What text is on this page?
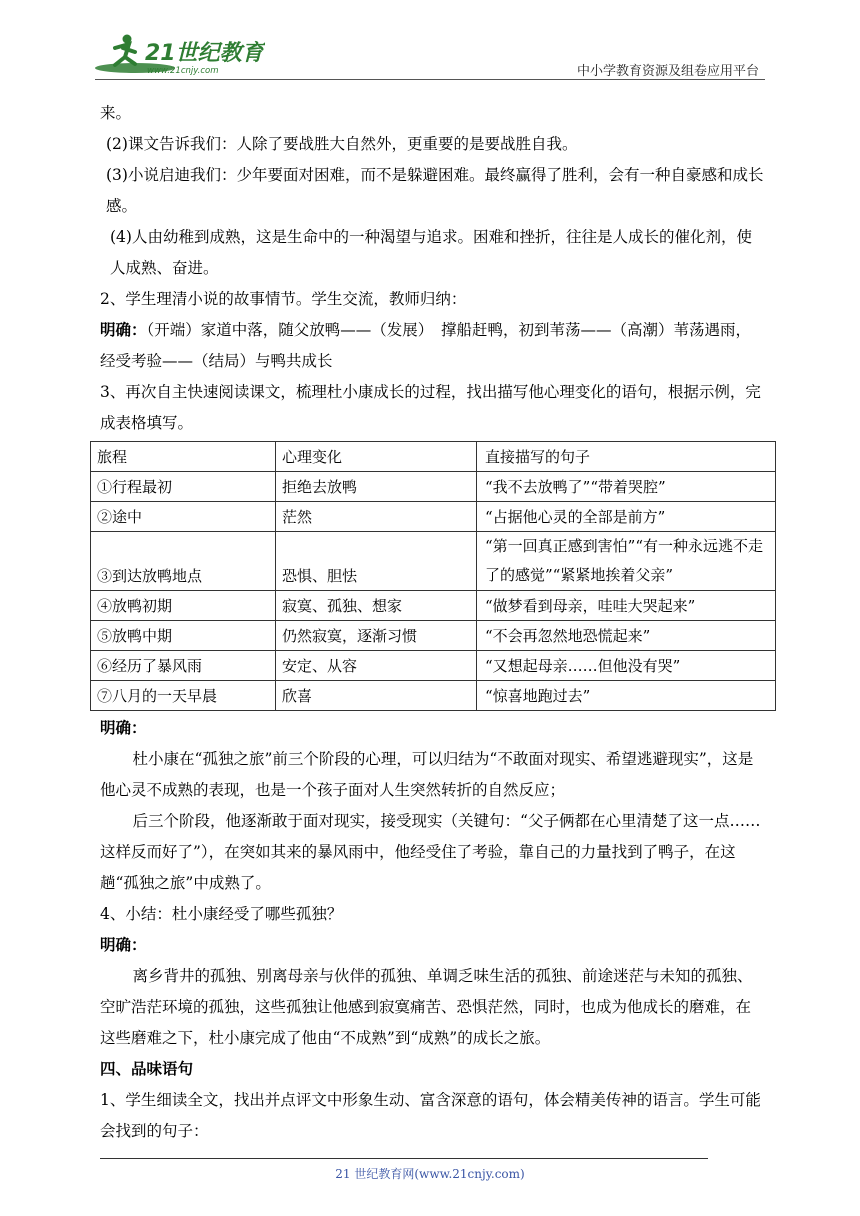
21世纪教育
www.21cnjy.com	中小学教育资源及组卷应用平台

来。

(2)课文告诉我们：人除了要战胜大自然外，更重要的是要战胜自我。

(3)小说启迪我们：少年要面对困难，而不是躲避困难。最终赢得了胜利，会有一种自豪感和成长感。

(4)人由幼稚到成熟，这是生命中的一种渴望与追求。困难和挫折，往往是人成长的催化剂，使人成熟、奋进。

2、学生理清小说的故事情节。学生交流，教师归纳：

明确：（开端）家道中落，随父放鸭——（发展）　撑船赶鸭，初到苇荡——（高潮）苇荡遇雨，经受考验——（结局）与鸭共成长

3、再次自主快速阅读课文，梳理杜小康成长的过程，找出描写他心理变化的语句，根据示例，完成表格填写。

旅程	心理变化	直接描写的句子
①行程最初	拒绝去放鸭	“我不去放鸭了”“带着哭腔”
②途中	茫然	“占据他心灵的全部是前方”
③到达放鸭地点	恐惧、胆怯	“第一回真正感到害怕”“有一种永远逃不走了的感觉”“紧紧地挨着父亲”
④放鸭初期	寂寞、孤独、想家	“做梦看到母亲，哇哇大哭起来”
⑤放鸭中期	仍然寂寞，逐渐习惯	“不会再忽然地恐慌起来”
⑥经历了暴风雨	安定、从容	“又想起母亲……但他没有哭”
⑦八月的一天早晨	欣喜	“惊喜地跑过去”

明确：

杜小康在“孤独之旅”前三个阶段的心理，可以归结为“不敢面对现实、希望逃避现实”，这是他心灵不成熟的表现，也是一个孩子面对人生突然转折的自然反应；

后三个阶段，他逐渐敢于面对现实，接受现实（关键句：“父子俩都在心里清楚了这一点……这样反而好了”），在突如其来的暴风雨中，他经受住了考验，靠自己的力量找到了鸭子，在这趟“孤独之旅”中成熟了。

4、小结：杜小康经受了哪些孤独？

明确：

离乡背井的孤独、别离母亲与伙伴的孤独、单调乏味生活的孤独、前途迷茫与未知的孤独、空旷浩茫环境的孤独，这些孤独让他感到寂寞痛苦、恐惧茫然，同时，也成为他成长的磨难，在这些磨难之下，杜小康完成了他由“不成熟”到“成熟”的成长之旅。

四、品味语句

1、学生细读全文，找出并点评文中形象生动、富含深意的语句，体会精美传神的语言。学生可能会找到的句子：

21 世纪教育网(www.21cnjy.com)
